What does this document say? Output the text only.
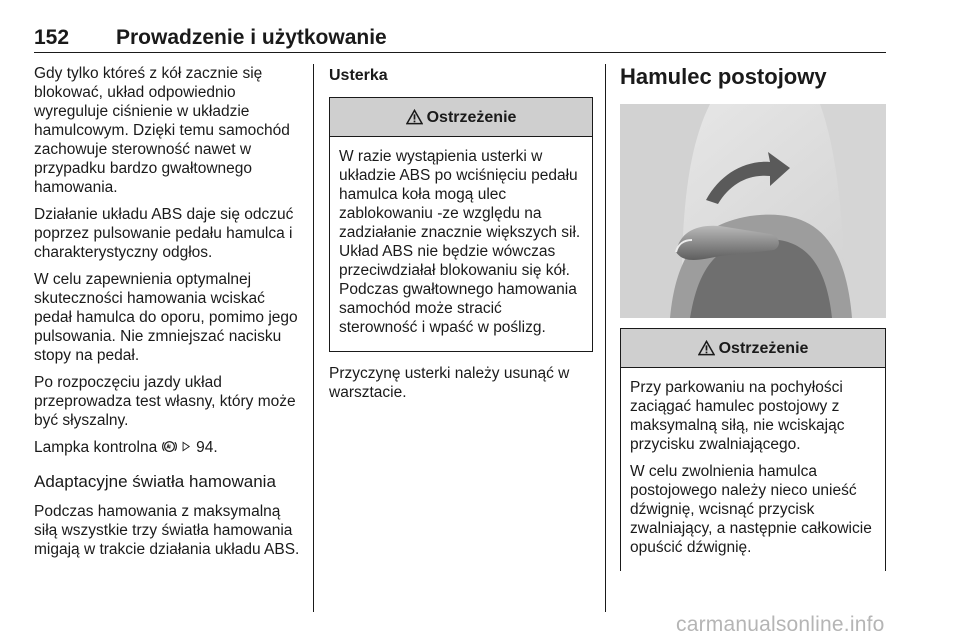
152 Prowadzenie i użytkowanie

Gdy tylko któreś z kół zacznie się blokować, układ odpowiednio wyreguluje ciśnienie w układzie hamulcowym. Dzięki temu samochód zachowuje sterowność nawet w przypadku bardzo gwałtownego hamowania.

Działanie układu ABS daje się odczuć poprzez pulsowanie pedału hamulca i charakterystyczny odgłos.

W celu zapewnienia optymalnej skuteczności hamowania wciskać pedał hamulca do oporu, pomimo jego pulsowania. Nie zmniejszać nacisku stopy na pedał.

Po rozpoczęciu jazdy układ przeprowadza test własny, który może być słyszalny.

Lampka kontrolna   94.

Adaptacyjne światła hamowania

Podczas hamowania z maksymalną siłą wszystkie trzy światła hamowania migają w trakcie działania układu ABS.

Usterka
Ostrzeżenie

W razie wystąpienia usterki w układzie ABS po wciśnięciu pedału hamulca koła mogą ulec zablokowaniu -ze względu na zadziałanie znacznie większych sił. Układ ABS nie będzie wówczas przeciwdziałał blokowaniu się kół. Podczas gwałtownego hamowania samochód może stracić sterowność i wpaść w poślizg.

Przyczynę usterki należy usunąć w warsztacie.

Hamulec postojowy
Ostrzeżenie

Przy parkowaniu na pochyłości zaciągać hamulec postojowy z maksymalną siłą, nie wciskając przycisku zwalniającego.

W celu zwolnienia hamulca postojowego należy nieco unieść dźwignię, wcisnąć przycisk zwalniający, a następnie całkowicie opuścić dźwignię.

carmanualsonline.info
